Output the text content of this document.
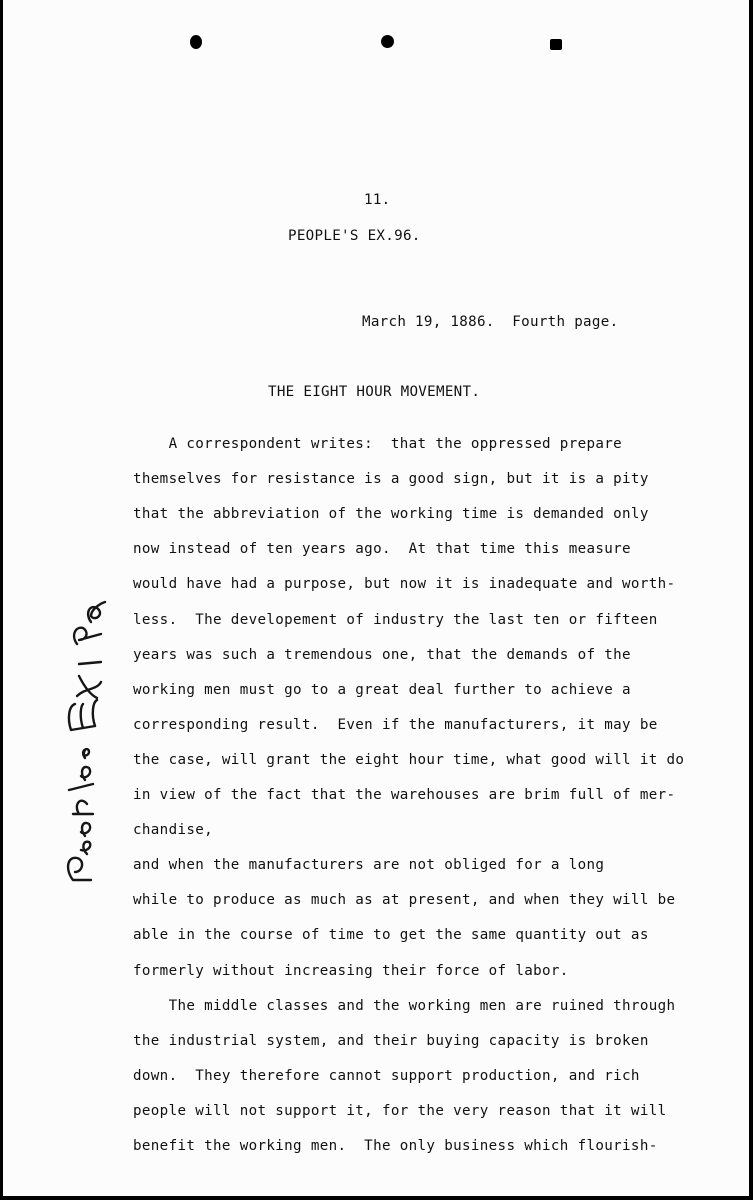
11.
PEOPLE'S EX.96.
March 19, 1886.  Fourth page.
THE EIGHT HOUR MOVEMENT.
A correspondent writes:  that the oppressed prepare
themselves for resistance is a good sign, but it is a pity
that the abbreviation of the working time is demanded only
now instead of ten years ago.  At that time this measure
would have had a purpose, but now it is inadequate and worth-
less.  The developement of industry the last ten or fifteen
years was such a tremendous one, that the demands of the
working men must go to a great deal further to achieve a
corresponding result.  Even if the manufacturers, it may be
the case, will grant the eight hour time, what good will it do
in view of the fact that the warehouses are brim full of mer-
chandise,
and when the manufacturers are not obliged for a long
while to produce as much as at present, and when they will be
able in the course of time to get the same quantity out as
formerly without increasing their force of labor.
The middle classes and the working men are ruined through
the industrial system, and their buying capacity is broken
down.  They therefore cannot support production, and rich
people will not support it, for the very reason that it will
benefit the working men.  The only business which flourish-
